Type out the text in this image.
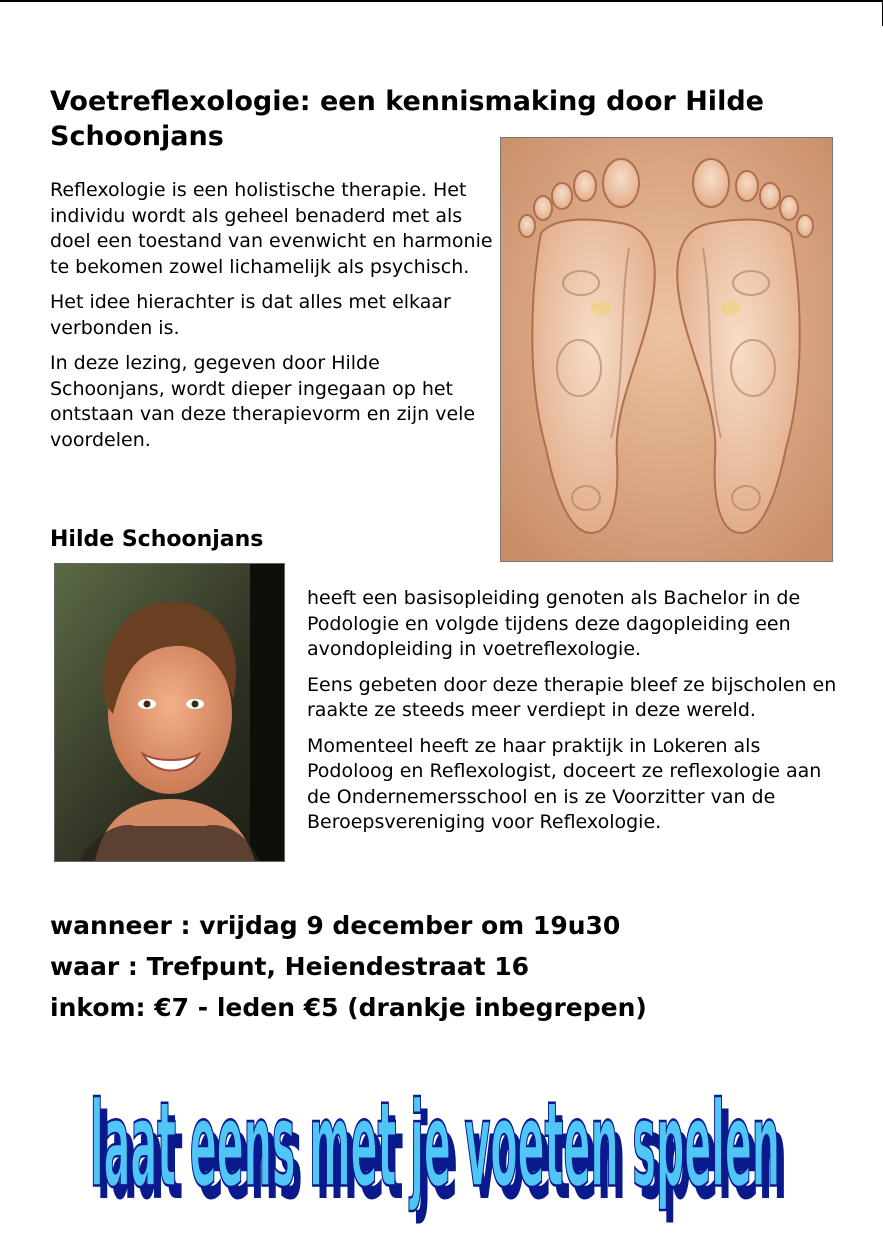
Voetreflexologie: een kennismaking door Hilde Schoonjans

Reflexologie is een holistische therapie. Het individu wordt als geheel benaderd met als doel een toestand van evenwicht en harmonie te bekomen zowel lichamelijk als psychisch.

Het idee hierachter is dat alles met elkaar verbonden is.

In deze lezing, gegeven door Hilde Schoonjans, wordt dieper ingegaan op het ontstaan van deze therapievorm en zijn vele voordelen.

Hilde Schoonjans

heeft een basisopleiding genoten als Bachelor in de Podologie en volgde tijdens deze dagopleiding een avondopleiding in voetreflexologie.

Eens gebeten door deze therapie bleef ze bijscholen en raakte ze steeds meer verdiept in deze wereld.

Momenteel heeft ze haar praktijk in Lokeren als Podoloog en Reflexologist, doceert ze reflexologie aan de Ondernemersschool en is ze Voorzitter van de Beroepsvereniging voor Reflexologie.

wanneer : vrijdag 9 december om 19u30
waar : Trefpunt, Heiendestraat 16
inkom: €7 - leden €5 (drankje inbegrepen)
laat eens met je voeten spelen
laat eens met je voeten spelen
